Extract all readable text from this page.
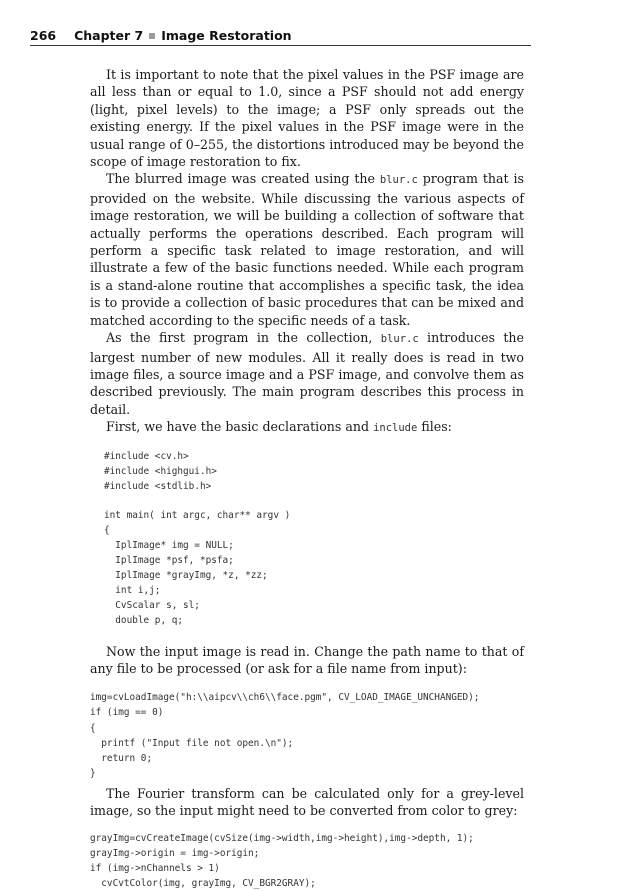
266 Chapter 7 Image Restoration

It is important to note that the pixel values in the PSF image are all less than or equal to 1.0, since a PSF should not add energy (light, pixel levels) to the image; a PSF only spreads out the existing energy. If the pixel values in the PSF image were in the usual range of 0–255, the distortions introduced may be beyond the scope of image restoration to fix.

The blurred image was created using the blur.c program that is provided on the website. While discussing the various aspects of image restoration, we will be building a collection of software that actually performs the operations described. Each program will perform a specific task related to image restoration, and will illustrate a few of the basic functions needed. While each program is a stand-alone routine that accomplishes a specific task, the idea is to provide a collection of basic procedures that can be mixed and matched according to the specific needs of a task.

As the first program in the collection, blur.c introduces the largest number of new modules. All it really does is read in two image files, a source image and a PSF image, and convolve them as described previously. The main program describes this process in detail.

First, we have the basic declarations and include files:

#include <cv.h>
#include <highgui.h>
#include <stdlib.h>
int main( int argc, char** argv )
{
IplImage* img = NULL;
IplImage *psf, *psfa;
IplImage *grayImg, *z, *zz;
int i,j;
CvScalar s, sl;
double p, q;

Now the input image is read in. Change the path name to that of any file to be processed (or ask for a file name from input):

img=cvLoadImage("h:\\aipcv\\ch6\\face.pgm", CV_LOAD_IMAGE_UNCHANGED);
if (img == 0)
{
printf ("Input file not open.\n");
return 0;
}

The Fourier transform can be calculated only for a grey-level image, so the input might need to be converted from color to grey:

grayImg=cvCreateImage(cvSize(img->width,img->height),img->depth, 1);
grayImg->origin = img->origin;
if (img->nChannels > 1)
cvCvtColor(img, grayImg, CV_BGR2GRAY);
